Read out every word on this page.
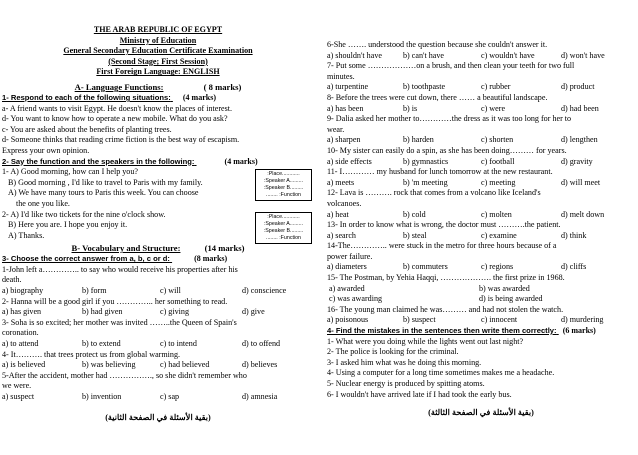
THE ARAB REPUBLIC OF EGYPT
Ministry of Education
General Secondary Education Certificate Examination
(Second Stage; First Session)
First Foreign Language: ENGLISH
A- Language Functions:	( 8 marks)
1- Respond to each of the following situations: (4 marks)
a- A friend wants to visit Egypt. He doesn't know the places of interest.
d- You want to know how to operate a new mobile. What do you ask?
c- You are asked about the benefits of planting trees.
d- Someone thinks that reading crime fiction is the best way of escapism.
Express your own opinion.
2- Say the function and the speakers in the following:	(4 marks)
1- A) Good morning, how can I help you?
B) Good morning , I'd like to travel to Paris with my family.
A) We have many tours to Paris this week. You can choose
the one you like.
:Place............
:Speaker A.........
:Speaker B.........
........ :Function
2- A) I'd like two tickets for the nine o'clock show.
B) Here you are. I hope you enjoy it.
A) Thanks.
:Place............
:Speaker A.........
:Speaker B.........
........ :Function
B- Vocabulary and Structure:	(14 marks)
3- Choose the correct answer from a, b, c or d:	(8 marks)
1-John left a………….. to say who would receive his properties after his
death.
a) biography	b) form	c) will	d) conscience
2- Hanna will be a good girl if you ………….. her something to read.
a) has given	b) had given	c) giving	d) give
3- Soha is so excited; her mother was invited ……..the Queen of Spain's
coronation.
a) to attend	b) to extend	c) to intend	d) to offend
4- It………. that trees protect us from global warming.
a) is believed	b) was believing	c) had believed	d) believes
5-After the accident, mother had ……………., so she didn't remember who
we were.
a) suspect	b) invention	c) sap	d) amnesia
(بقية الأسئلة في الصفحة الثانية)
6-She ……. understood the question because she couldn't answer it.
a) shouldn't have	b) can't have	c) wouldn't have	d) won't have
7- Put some ………………on a brush, and then clean your teeth for two full
minutes.
a) turpentine	b) toothpaste	c) rubber	d) product
8- Before the trees were cut down, there …… a beautiful landscape.
a) has been	b) is	c) were	d) had been
9- Dalia asked her mother to…………the dress as it was too long for her to
wear.
a) sharpen	b) harden	c) shorten	d) lengthen
10- My sister can easily do a spin, as she has been doing……… for years.
a) side effects	b) gymnastics	c) football	d) gravity
11- I………… my husband for lunch tomorrow at the new restaurant.
a) meets	b) 'm meeting	c) meeting	d) will meet
12- Lava is ………. rock that comes from a volcano like Iceland's
volcanoes.
a) heat	b) cold	c) molten	d) melt down
13- In order to know what is wrong, the doctor must ……….the patient.
a) search	b) steal	c) examine	d) think
14-The………….. were stuck in the metro for three hours because of a
power failure.
a) diameters	b) commuters	c) regions	d) cliffs
15- The Postman, by Yehia Haqqi, ………………. the first prize in 1968.
a) awarded	b) was awarded
c) was awarding	d) is being awarded
16- The young man claimed he was……… and had not stolen the watch.
a) poisonous	b) suspect	c) innocent	d) murdering
4- Find the mistakes in the sentences then write them correctly: (6 marks)
1- What were you doing while the lights went out last night?
2- The police is looking for the criminal.
3- I asked him what was he doing this morning.
4- Using a computer for a long time sometimes makes me a headache.
5- Nuclear energy is produced by spitting atoms.
6- I wouldn't have arrived late if I had took the early bus.
(بقية الأسئلة في الصفحة الثالثة)
